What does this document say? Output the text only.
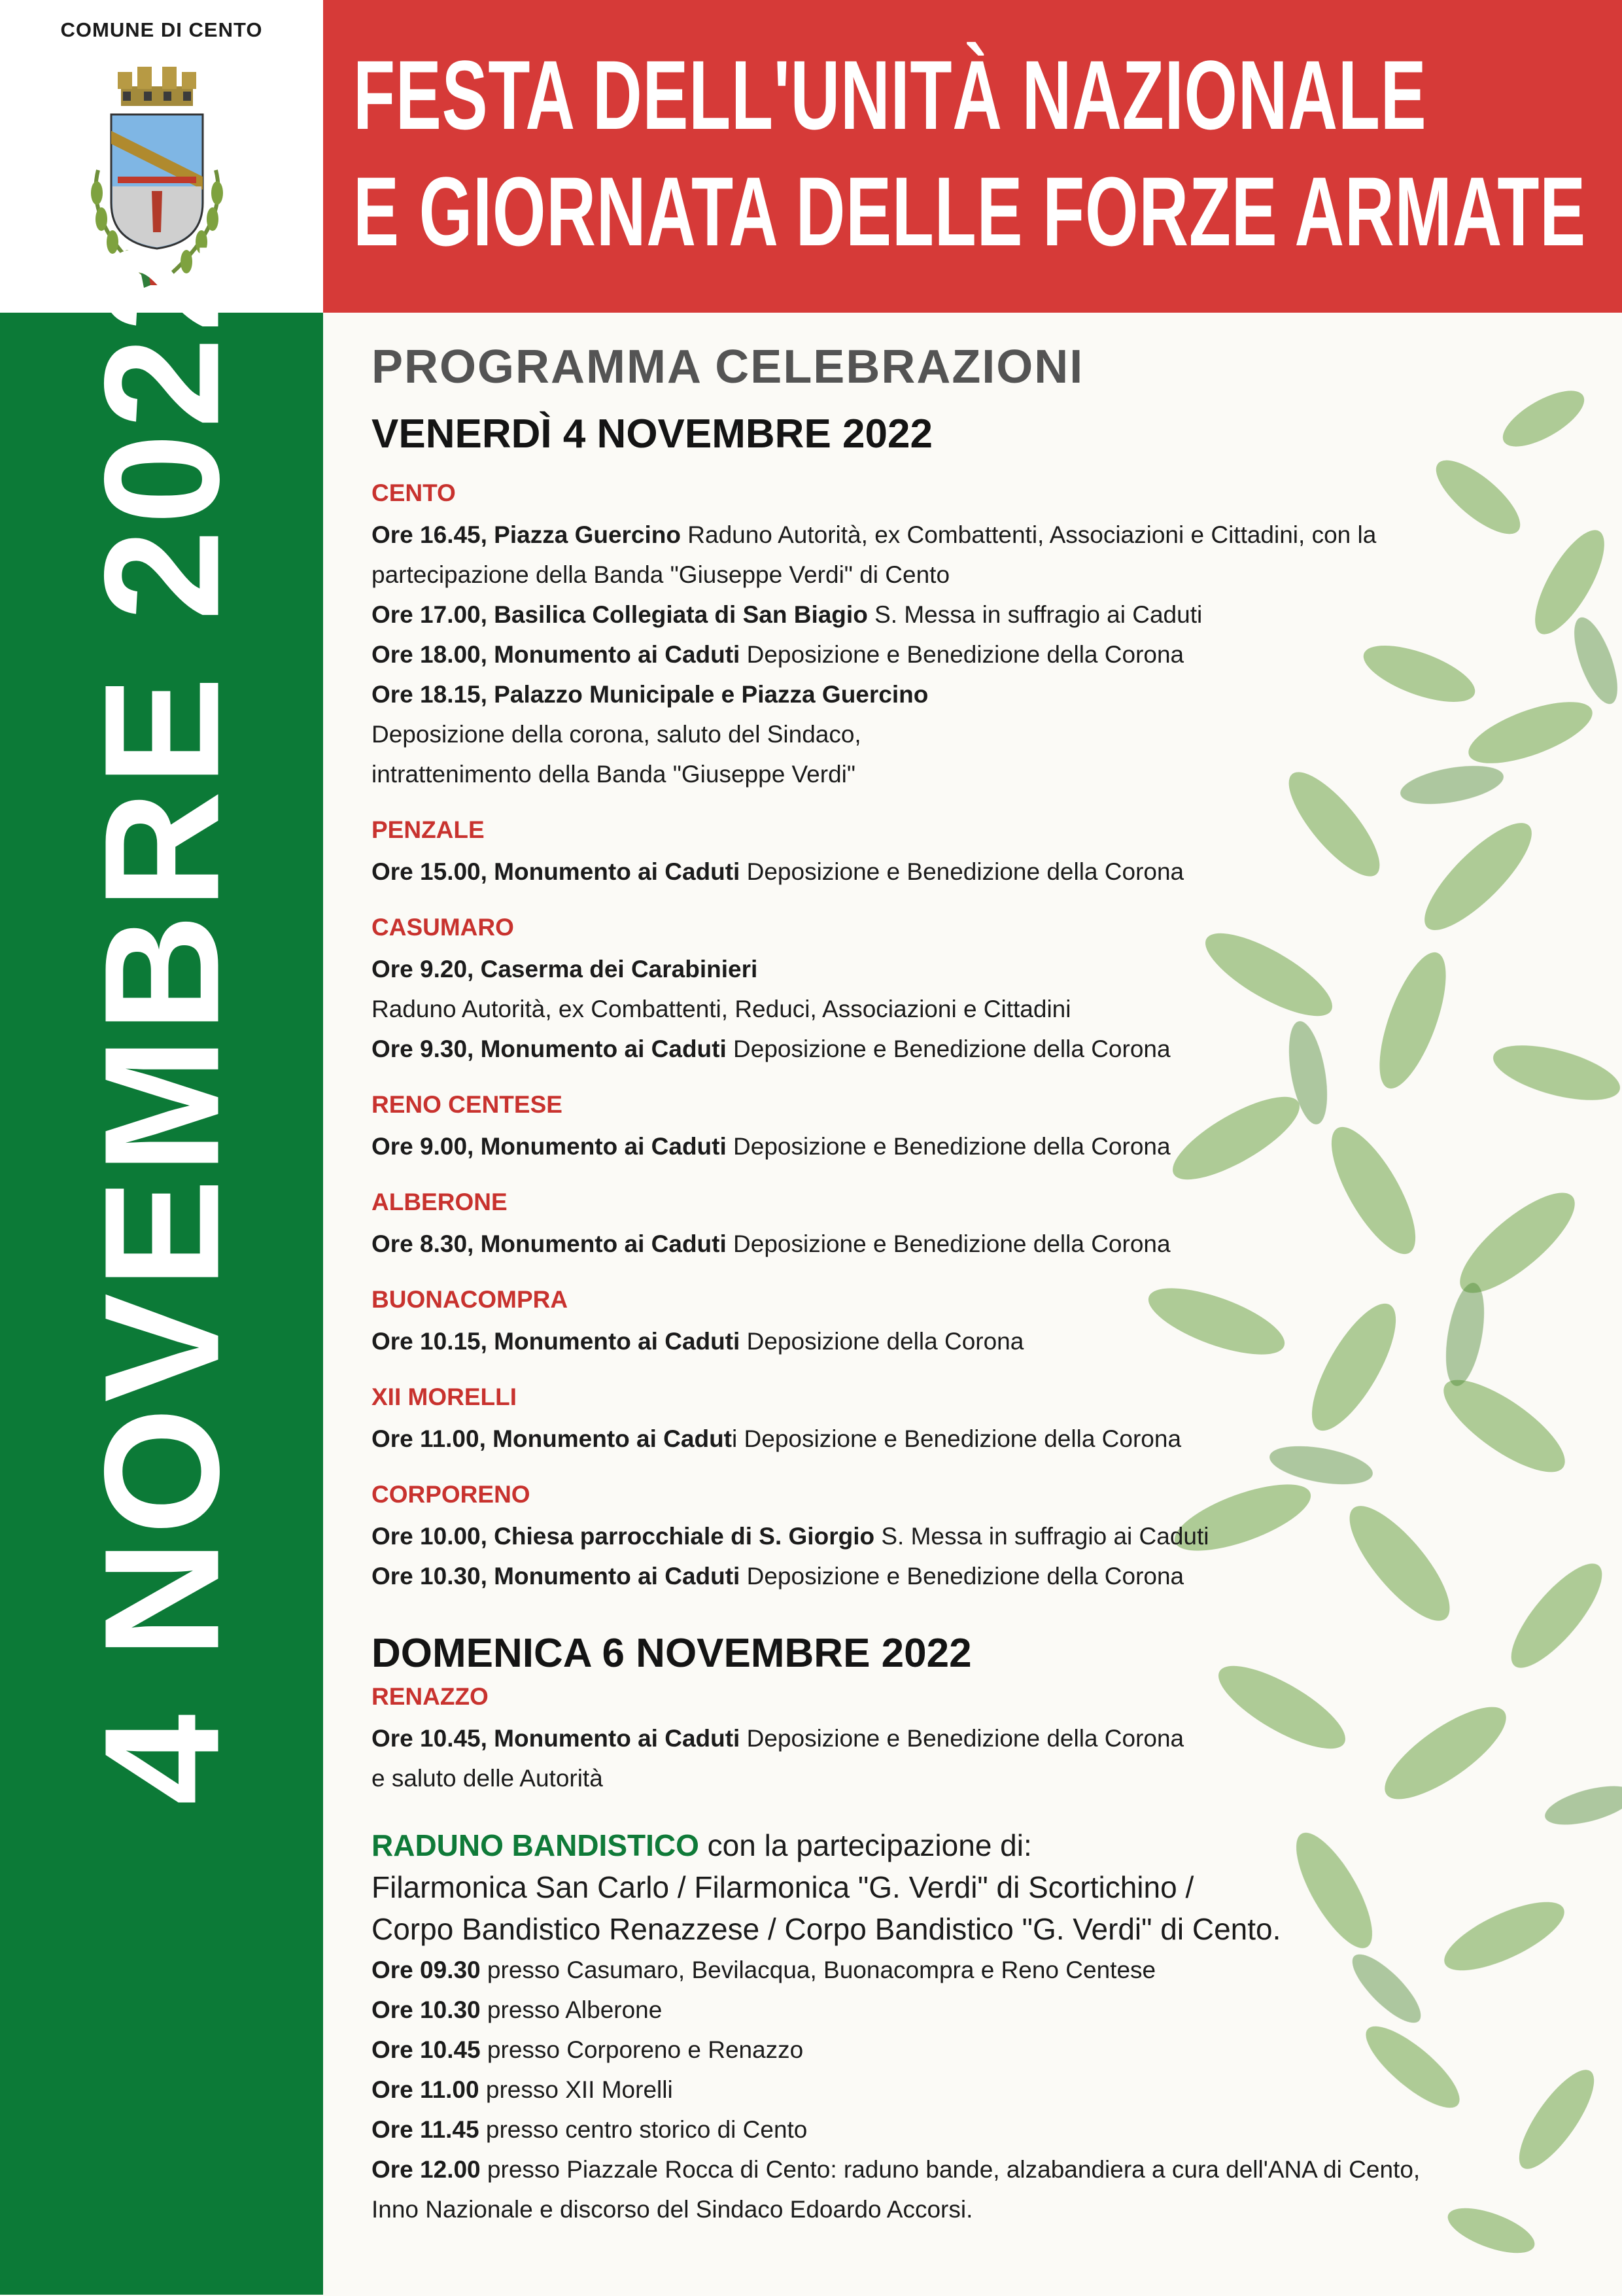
COMUNE DI CENTO
FESTA DELL'UNITÀ NAZIONALE
E GIORNATA DELLE FORZE ARMATE
4 NOVEMBRE 2022	PROGRAMMA CELEBRAZIONI
VENERDÌ 4 NOVEMBRE 2022
CENTO
Ore 16.45, Piazza Guercino Raduno Autorità, ex Combattenti, Associazioni e Cittadini, con la
partecipazione della Banda "Giuseppe Verdi" di Cento
Ore 17.00, Basilica Collegiata di San Biagio S. Messa in suffragio ai Caduti
Ore 18.00, Monumento ai Caduti Deposizione e Benedizione della Corona
Ore 18.15, Palazzo Municipale e Piazza Guercino
Deposizione della corona, saluto del Sindaco,
intrattenimento della Banda "Giuseppe Verdi"
PENZALE
Ore 15.00, Monumento ai Caduti Deposizione e Benedizione della Corona
CASUMARO
Ore 9.20, Caserma dei Carabinieri
Raduno Autorità, ex Combattenti, Reduci, Associazioni e Cittadini
Ore 9.30, Monumento ai Caduti Deposizione e Benedizione della Corona
RENO CENTESE
Ore 9.00, Monumento ai Caduti Deposizione e Benedizione della Corona
ALBERONE
Ore 8.30, Monumento ai Caduti Deposizione e Benedizione della Corona
BUONACOMPRA
Ore 10.15, Monumento ai Caduti Deposizione della Corona
XII MORELLI
Ore 11.00, Monumento ai Caduti Deposizione e Benedizione della Corona
CORPORENO
Ore 10.00, Chiesa parrocchiale di S. Giorgio S. Messa in suffragio ai Caduti
Ore 10.30, Monumento ai Caduti Deposizione e Benedizione della Corona
DOMENICA 6 NOVEMBRE 2022
RENAZZO
Ore 10.45, Monumento ai Caduti Deposizione e Benedizione della Corona
e saluto delle Autorità
RADUNO BANDISTICO con la partecipazione di:
Filarmonica San Carlo / Filarmonica "G. Verdi" di Scortichino /
Corpo Bandistico Renazzese / Corpo Bandistico "G. Verdi" di Cento.
Ore 09.30 presso Casumaro, Bevilacqua, Buonacompra e Reno Centese
Ore 10.30 presso Alberone
Ore 10.45 presso Corporeno e Renazzo
Ore 11.00 presso XII Morelli
Ore 11.45 presso centro storico di Cento
Ore 12.00 presso Piazzale Rocca di Cento: raduno bande, alzabandiera a cura dell'ANA di Cento,
Inno Nazionale e discorso del Sindaco Edoardo Accorsi.
